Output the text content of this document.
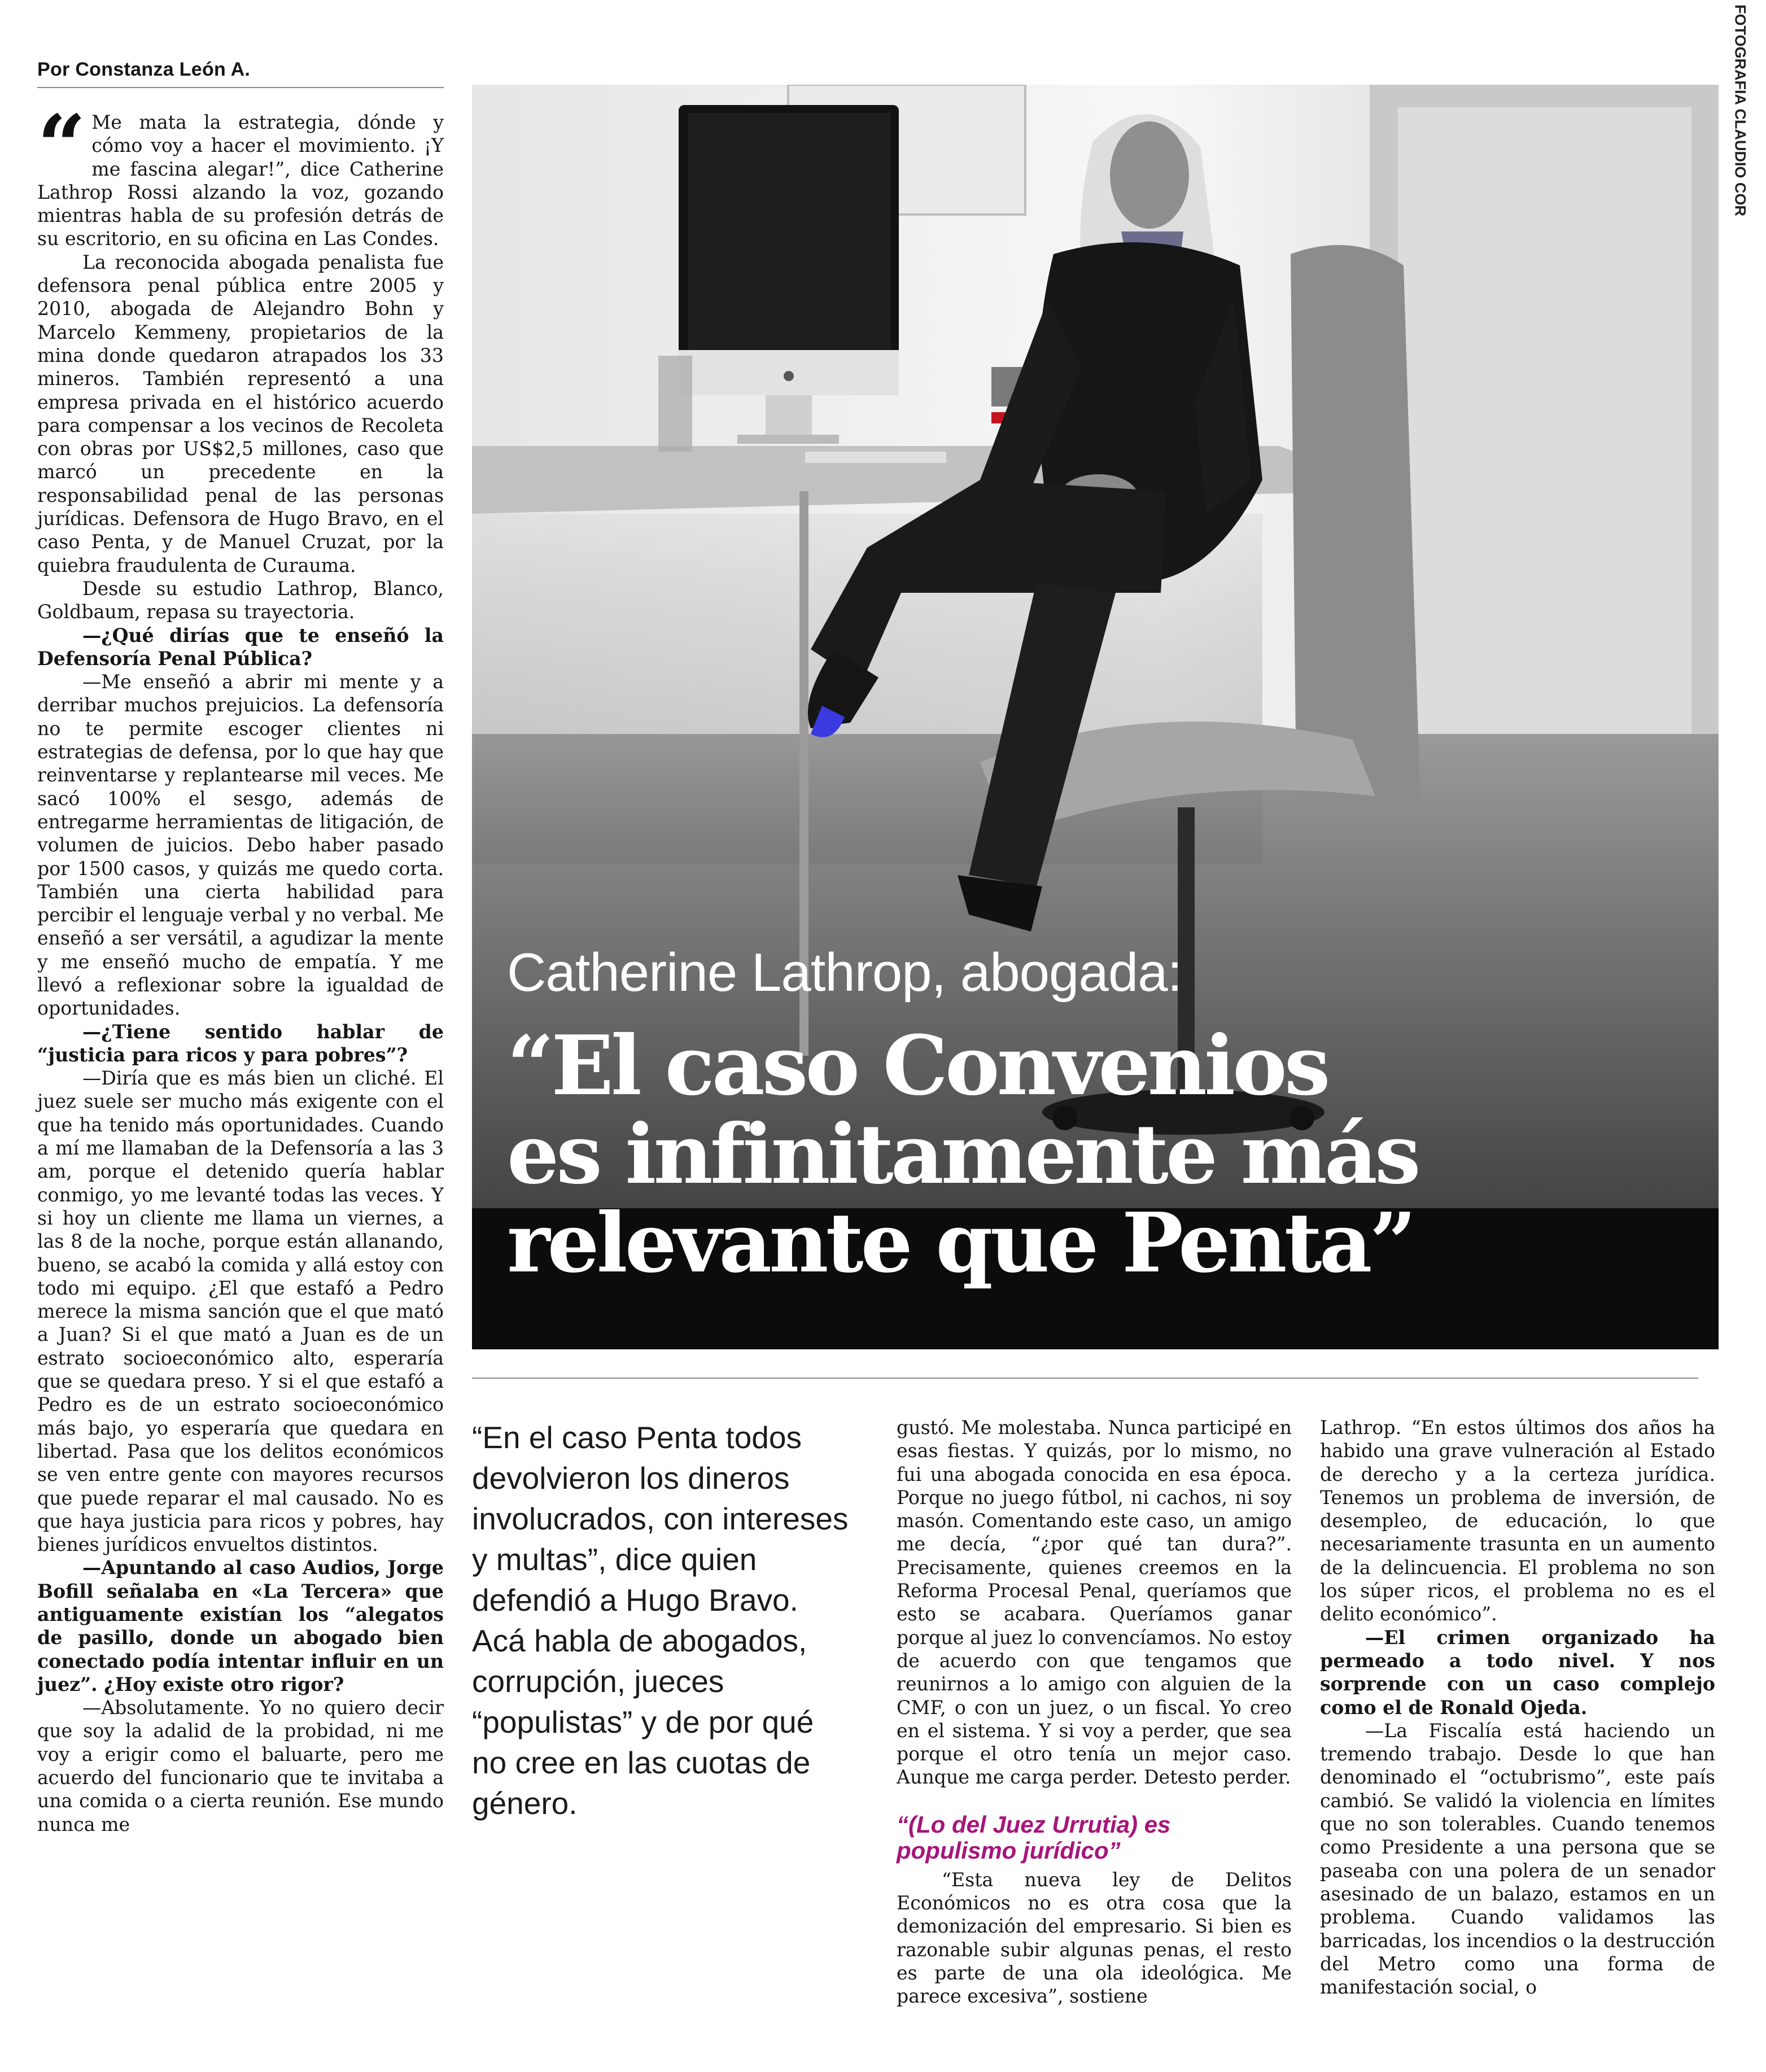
Por Constanza León A.

“ Me mata la estrategia, dónde y cómo voy a hacer el movimiento. ¡Y me fascina alegar!”, dice Catherine Lathrop Rossi alzando la voz, gozando mientras habla de su profesión detrás de su escritorio, en su oficina en Las Condes.

La reconocida abogada penalista fue defensora penal pública entre 2005 y 2010, abogada de Alejandro Bohn y Marcelo Kemmeny, propietarios de la mina donde quedaron atrapados los 33 mineros. También representó a una empresa privada en el histórico acuerdo para compensar a los vecinos de Recoleta con obras por US$2,5 millones, caso que marcó un precedente en la responsabilidad penal de las personas jurídicas. Defensora de Hugo Bravo, en el caso Penta, y de Manuel Cruzat, por la quiebra fraudulenta de Curauma.

Desde su estudio Lathrop, Blanco, Goldbaum, repasa su trayectoria.

—¿Qué dirías que te enseñó la Defensoría Penal Pública?

—Me enseñó a abrir mi mente y a derribar muchos prejuicios. La defensoría no te permite escoger clientes ni estrategias de defensa, por lo que hay que reinventarse y replantearse mil veces. Me sacó 100% el sesgo, además de entregarme herramientas de litigación, de volumen de juicios. Debo haber pasado por 1500 casos, y quizás me quedo corta. También una cierta habilidad para percibir el lenguaje verbal y no verbal. Me enseñó a ser versátil, a agudizar la mente y me enseñó mucho de empatía. Y me llevó a reflexionar sobre la igualdad de oportunidades.

—¿Tiene sentido hablar de “justicia para ricos y para pobres”?

—Diría que es más bien un cliché. El juez suele ser mucho más exigente con el que ha tenido más oportunidades. Cuando a mí me llamaban de la Defensoría a las 3 am, porque el detenido quería hablar conmigo, yo me levanté todas las veces. Y si hoy un cliente me llama un viernes, a las 8 de la noche, porque están allanando, bueno, se acabó la comida y allá estoy con todo mi equipo. ¿El que estafó a Pedro merece la misma sanción que el que mató a Juan? Si el que mató a Juan es de un estrato socioeconómico alto, esperaría que se quedara preso. Y si el que estafó a Pedro es de un estrato socioeconómico más bajo, yo esperaría que quedara en libertad. Pasa que los delitos económicos se ven entre gente con mayores recursos que puede reparar el mal causado. No es que haya justicia para ricos y pobres, hay bienes jurídicos envueltos distintos.

—Apuntando al caso Audios, Jorge Bofill señalaba en «La Tercera» que antiguamente existían los “alegatos de pasillo, donde un abogado bien conectado podía intentar influir en un juez”. ¿Hoy existe otro rigor?

—Absolutamente. Yo no quiero decir que soy la adalid de la probidad, ni me voy a erigir como el baluarte, pero me acuerdo del funcionario que te invitaba a una comida o a cierta reunión. Ese mundo nunca me

FOTOGRAFIA CLAUDIO COR
Catherine Lathrop, abogada:
“El caso Convenios
es infinitamente más
relevante que Penta”
“En el caso Penta todos devolvieron los dineros involucrados, con intereses y multas”, dice quien defendió a Hugo Bravo. Acá habla de abogados, corrupción, jueces “populistas” y de por qué no cree en las cuotas de género.

gustó. Me molestaba. Nunca participé en esas fiestas. Y quizás, por lo mismo, no fui una abogada conocida en esa época. Porque no juego fútbol, ni cachos, ni soy masón. Comentando este caso, un amigo me decía, “¿por qué tan dura?”. Precisamente, quienes creemos en la Reforma Procesal Penal, queríamos que esto se acabara. Queríamos ganar porque al juez lo convencíamos. No estoy de acuerdo con que tengamos que reunirnos a lo amigo con alguien de la CMF, o con un juez, o un fiscal. Yo creo en el sistema. Y si voy a perder, que sea porque el otro tenía un mejor caso. Aunque me carga perder. Detesto perder.

“(Lo del Juez Urrutia) es populismo jurídico”

“Esta nueva ley de Delitos Económicos no es otra cosa que la demonización del empresario. Si bien es razonable subir algunas penas, el resto es parte de una ola ideológica. Me parece excesiva”, sostiene

Lathrop. “En estos últimos dos años ha habido una grave vulneración al Estado de derecho y a la certeza jurídica. Tenemos un problema de inversión, de desempleo, de educación, lo que necesariamente trasunta en un aumento de la delincuencia. El problema no son los súper ricos, el problema no es el delito económico”.

—El crimen organizado ha permeado a todo nivel. Y nos sorprende con un caso complejo como el de Ronald Ojeda.

—La Fiscalía está haciendo un tremendo trabajo. Desde lo que han denominado el “octubrismo”, este país cambió. Se validó la violencia en límites que no son tolerables. Cuando tenemos como Presidente a una persona que se paseaba con una polera de un senador asesinado de un balazo, estamos en un problema. Cuando validamos las barricadas, los incendios o la destrucción del Metro como una forma de manifestación social, o
